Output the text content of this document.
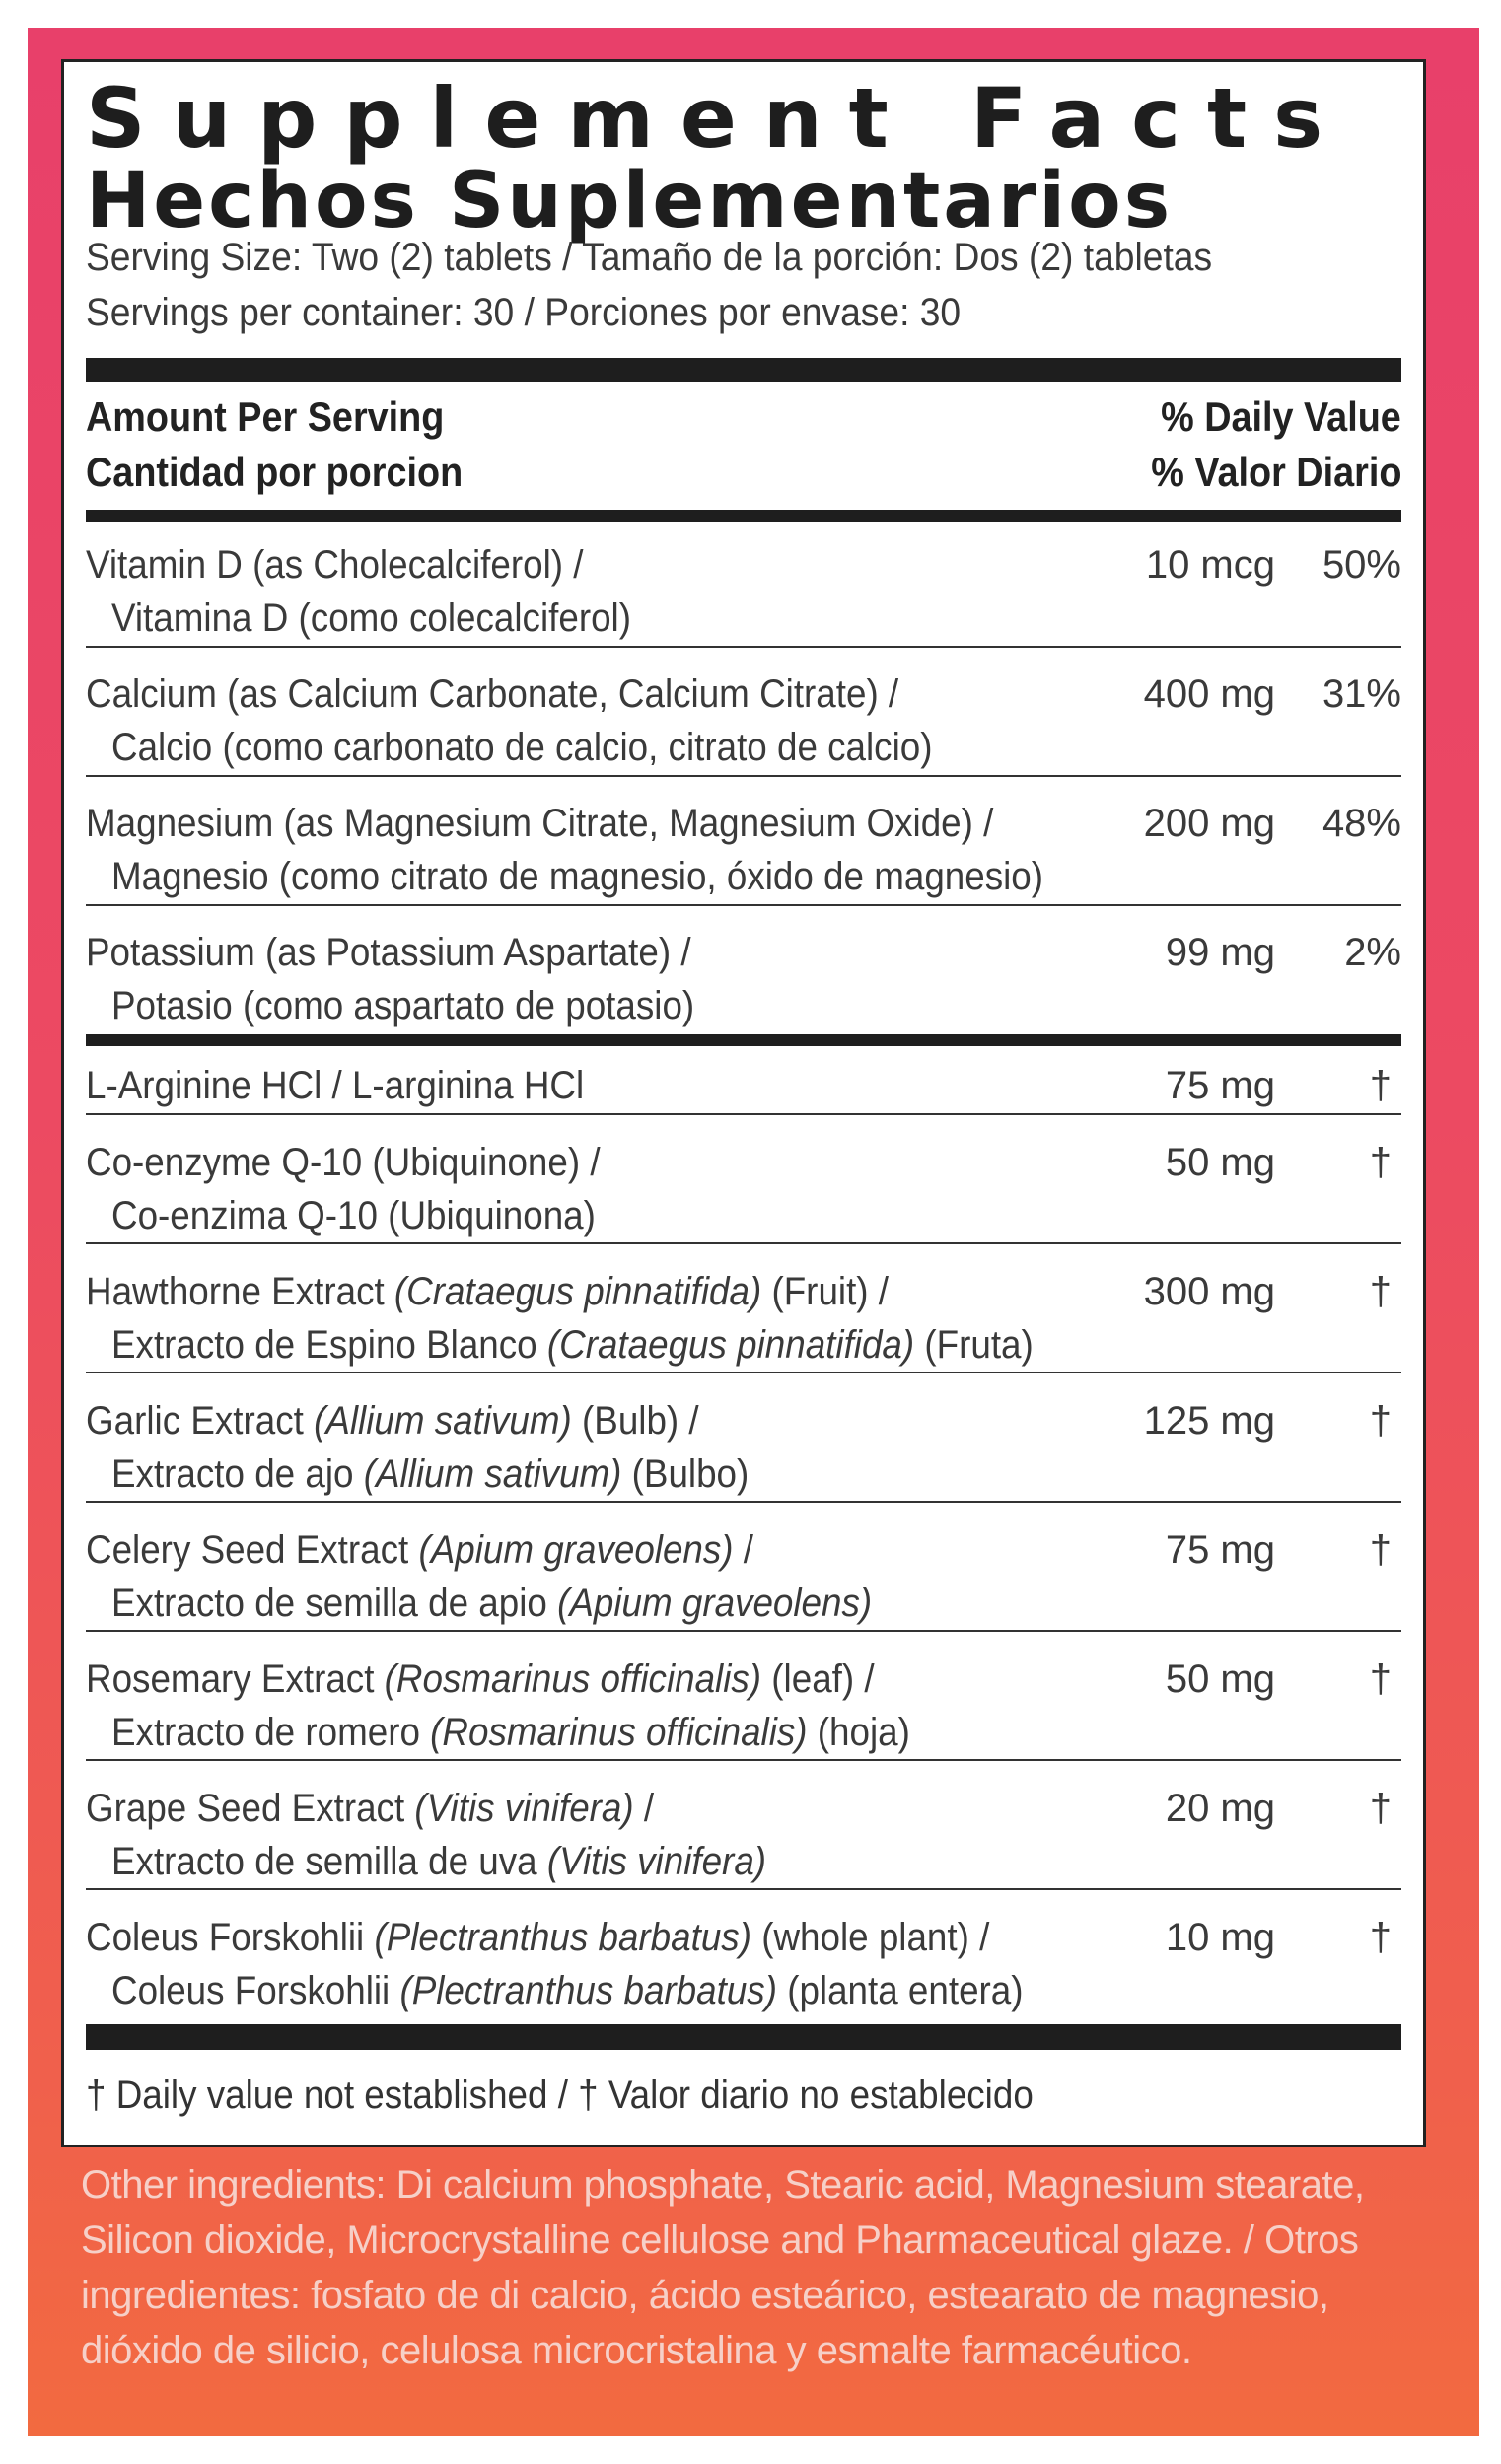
Supplement Facts
Hechos Suplementarios
Serving Size: Two (2) tablets / Tamaño de la porción: Dos (2) tabletas
Servings per container: 30 / Porciones por envase: 30
Amount Per Serving
Cantidad por porcion
% Daily Value
% Valor Diario
Vitamin D (as Cholecalciferol) /
Vitamina D (como colecalciferol)
10 mcg 50%
Calcium (as Calcium Carbonate, Calcium Citrate) /
Calcio (como carbonato de calcio, citrato de calcio)
400 mg 31%
Magnesium (as Magnesium Citrate, Magnesium Oxide) /
Magnesio (como citrato de magnesio, óxido de magnesio)
200 mg 48%
Potassium (as Potassium Aspartate) /
Potasio (como aspartato de potasio)
99 mg 2%
L-Arginine HCl / L-arginina HCl	75 mg †
Co-enzyme Q-10 (Ubiquinone) /
Co-enzima Q-10 (Ubiquinona)
50 mg †
Hawthorne Extract (Crataegus pinnatifida) (Fruit) /
Extracto de Espino Blanco (Crataegus pinnatifida) (Fruta)
300 mg †
Garlic Extract (Allium sativum) (Bulb) /
Extracto de ajo (Allium sativum) (Bulbo)
125 mg †
Celery Seed Extract (Apium graveolens) /
Extracto de semilla de apio (Apium graveolens)
75 mg †
Rosemary Extract (Rosmarinus officinalis) (leaf) /
Extracto de romero (Rosmarinus officinalis) (hoja)
50 mg †
Grape Seed Extract (Vitis vinifera) /
Extracto de semilla de uva (Vitis vinifera)
20 mg †
Coleus Forskohlii (Plectranthus barbatus) (whole plant) /
Coleus Forskohlii (Plectranthus barbatus) (planta entera)
10 mg †
† Daily value not established / † Valor diario no establecido
Other ingredients: Di calcium phosphate, Stearic acid, Magnesium stearate, Silicon dioxide, Microcrystalline cellulose and Pharmaceutical glaze. / Otros ingredientes: fosfato de di calcio, ácido esteárico, estearato de magnesio, dióxido de silicio, celulosa microcristalina y esmalte farmacéutico.
